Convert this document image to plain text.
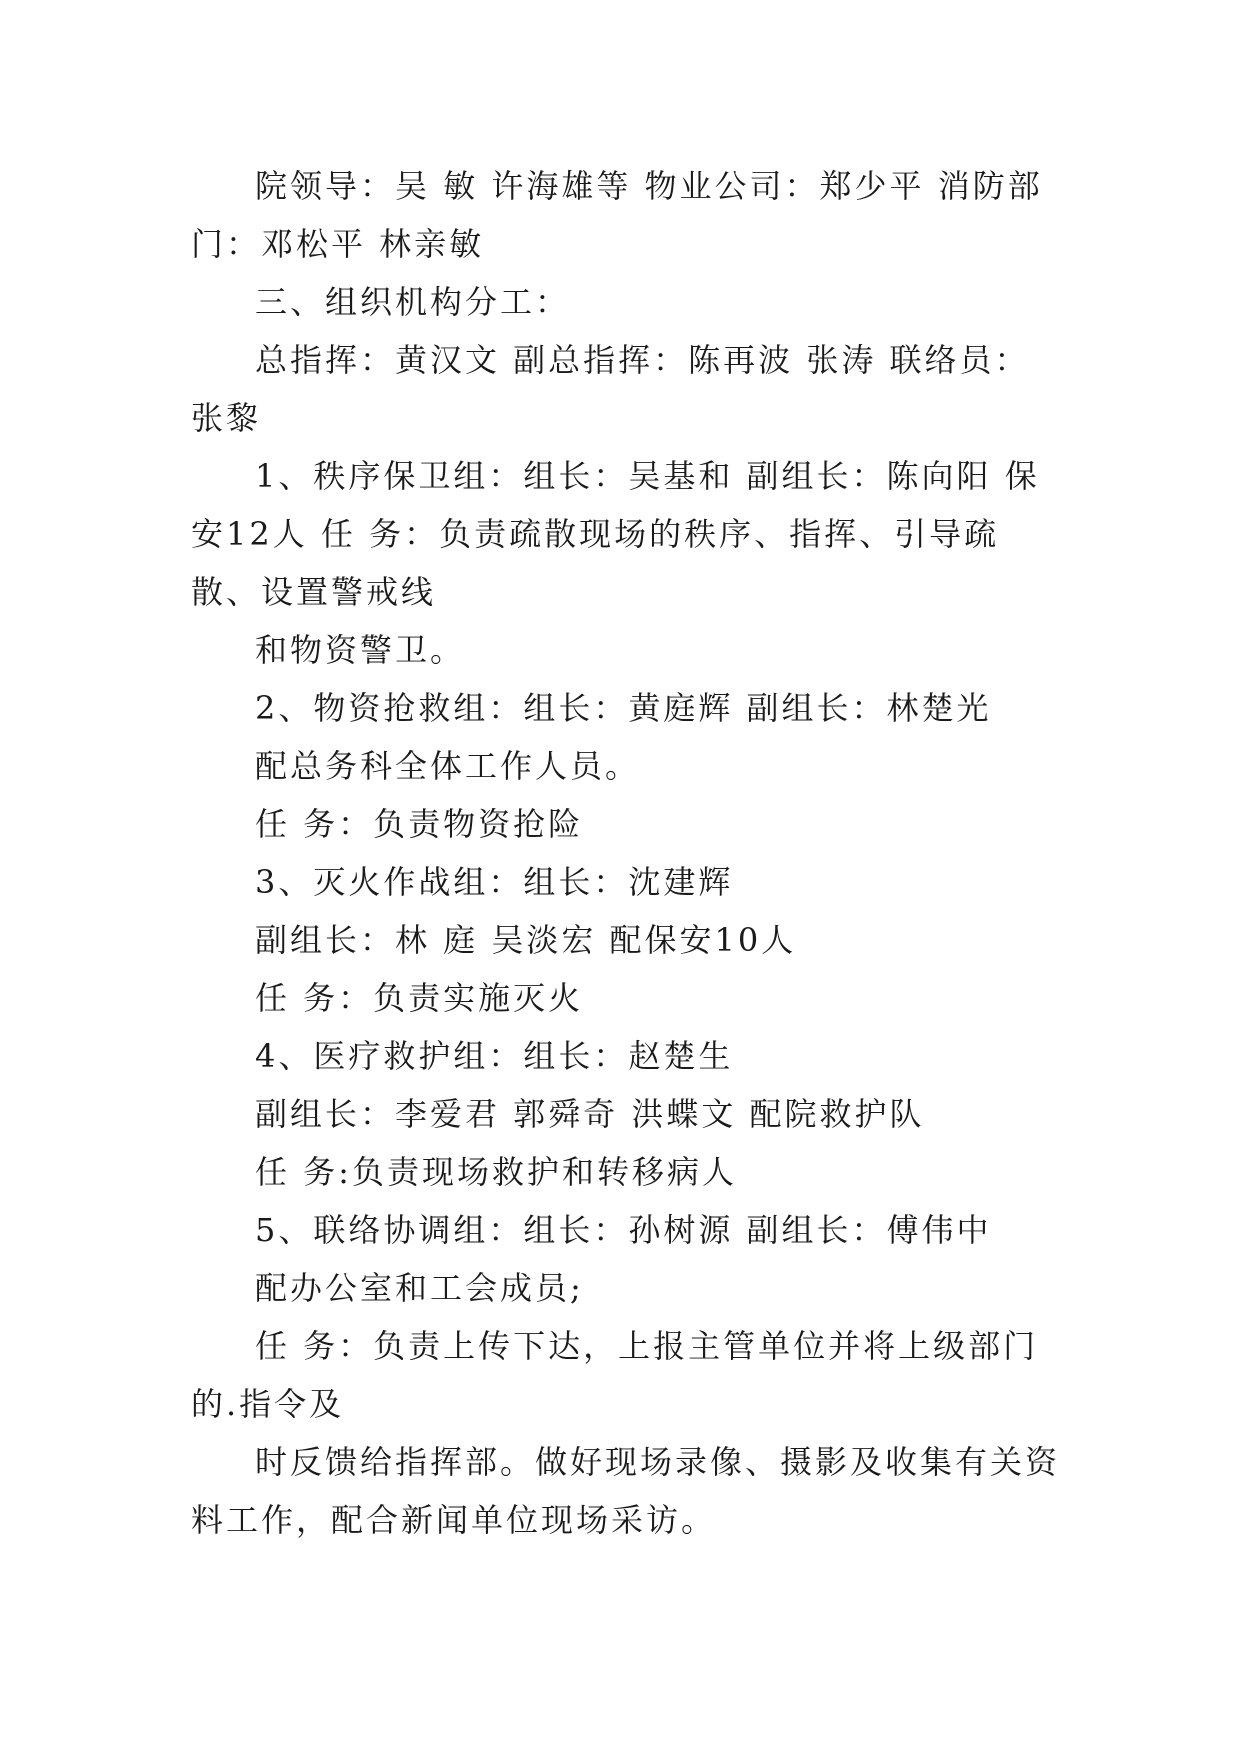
院领导：吴 敏 许海雄等 物业公司：郑少平 消防部门：邓松平 林亲敏

三、组织机构分工：

总指挥：黄汉文 副总指挥：陈再波 张涛 联络员：张黎

1、秩序保卫组：组长：吴基和 副组长：陈向阳 保安12人 任 务：负责疏散现场的秩序、指挥、引导疏散、设置警戒线

和物资警卫。

2、物资抢救组：组长：黄庭辉 副组长：林楚光

配总务科全体工作人员。

任 务：负责物资抢险

3、灭火作战组：组长：沈建辉

副组长：林 庭 吴淡宏 配保安10人

任 务：负责实施灭火

4、医疗救护组：组长：赵楚生

副组长：李爱君 郭舜奇 洪蝶文 配院救护队

任 务:负责现场救护和转移病人

5、联络协调组：组长：孙树源 副组长：傅伟中

配办公室和工会成员;

任 务：负责上传下达，上报主管单位并将上级部门的.指令及

时反馈给指挥部。做好现场录像、摄影及收集有关资料工作，配合新闻单位现场采访。
